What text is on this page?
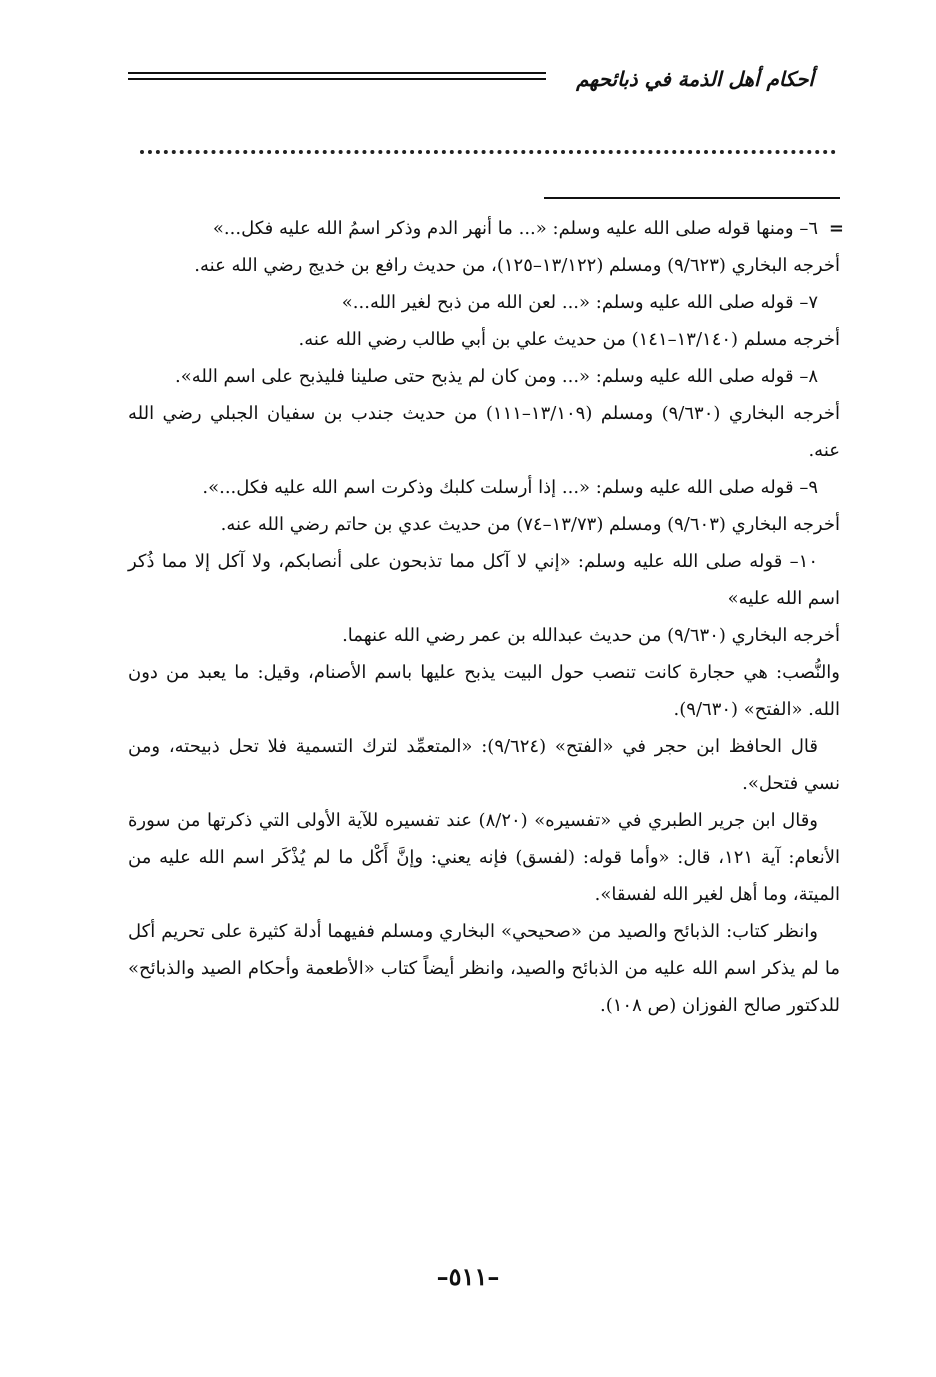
أحكام أهل الذمة في ذبائحهم

=
٦– ومنها قوله صلى الله عليه وسلم: «... ما أنهر الدم وذكر اسمُ الله عليه فكل...»

أخرجه البخاري (٩/٦٢٣) ومسلم (١٣/١٢٢–١٢٥)، من حديث رافع بن خديج رضي الله عنه.

٧– قوله صلى الله عليه وسلم: «... لعن الله من ذبح لغير الله...»

أخرجه مسلم (١٣/١٤٠–١٤١) من حديث علي بن أبي طالب رضي الله عنه.

٨– قوله صلى الله عليه وسلم: «... ومن كان لم يذبح حتى صلينا فليذبح على اسم الله».

أخرجه البخاري (٩/٦٣٠) ومسلم (١٣/١٠٩–١١١) من حديث جندب بن سفيان الجبلي رضي الله عنه.

٩– قوله صلى الله عليه وسلم: «... إذا أرسلت كلبك وذكرت اسم الله عليه فكل...».

أخرجه البخاري (٩/٦٠٣) ومسلم (١٣/٧٣–٧٤) من حديث عدي بن حاتم رضي الله عنه.

١٠– قوله صلى الله عليه وسلم: «إني لا آكل مما تذبحون على أنصابكم، ولا آكل إلا مما ذُكر اسم الله عليه»

أخرجه البخاري (٩/٦٣٠) من حديث عبدالله بن عمر رضي الله عنهما.

والنُّصب: هي حجارة كانت تنصب حول البيت يذبح عليها باسم الأصنام، وقيل: ما يعبد من دون الله. «الفتح» (٩/٦٣٠).

قال الحافظ ابن حجر في «الفتح» (٩/٦٢٤): «المتعمِّد لترك التسمية فلا تحل ذبيحته، ومن نسي فتحل».

وقال ابن جرير الطبري في «تفسيره» (٨/٢٠) عند تفسيره للآية الأولى التي ذكرتها من سورة الأنعام: آية ١٢١، قال: «وأما قوله: (لفسق) فإنه يعني: وإنَّ أَكْل ما لم يُذْكَر اسم الله عليه من الميتة، وما أهل لغير الله لفسقا».

وانظر كتاب: الذبائح والصيد من «صحيحي» البخاري ومسلم ففيهما أدلة كثيرة على تحريم أكل ما لم يذكر اسم الله عليه من الذبائح والصيد، وانظر أيضاً كتاب «الأطعمة وأحكام الصيد والذبائح» للدكتور صالح الفوزان (ص ١٠٨).

–٥١١–
